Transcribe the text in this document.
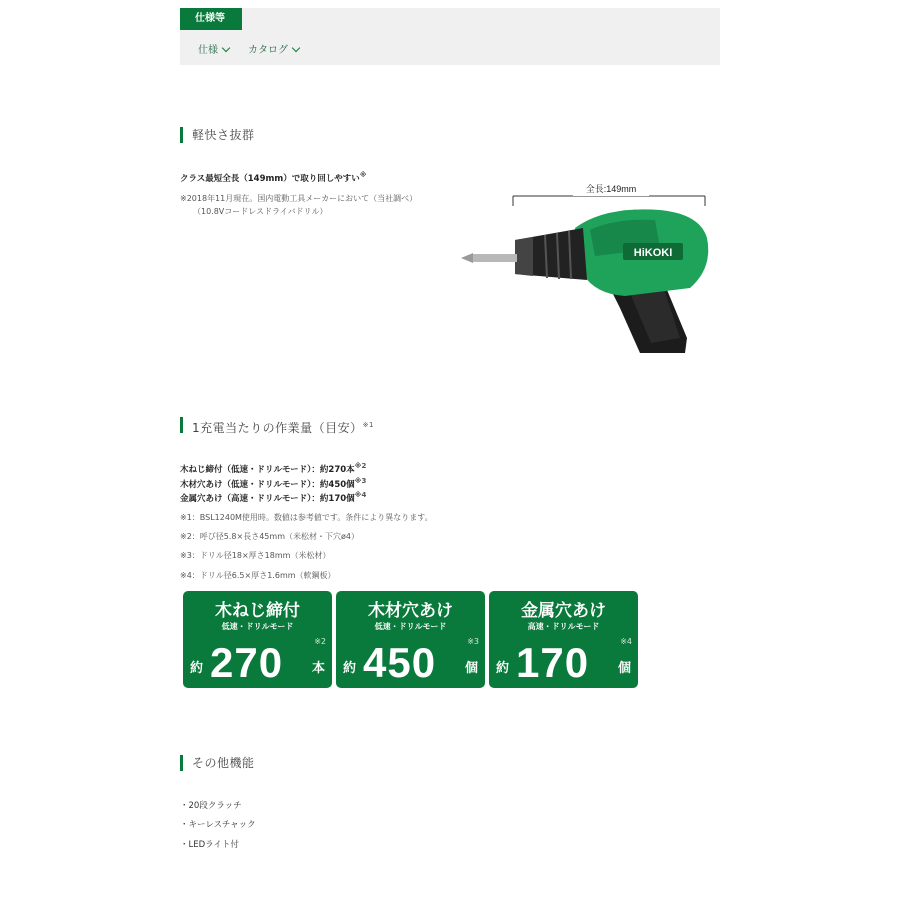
仕様等
仕様	カタログ
軽快さ抜群
クラス最短全長（149mm）で取り回しやすい※
※2018年11月現在。国内電動工具メーカーにおいて（当社調べ）
（10.8Vコードレスドライバドリル）
全長:149mm
HiKOKI
1充電当たりの作業量（目安）$^{※1}$
木ねじ締付（低速・ドリルモード）：約270本$^{※2}$
木材穴あけ（低速・ドリルモード）：約450個$^{※3}$
金属穴あけ（高速・ドリルモード）：約170個$^{※4}$
※1：BSL1240M使用時。数値は参考値です。条件により異なります。
※2：呼び径5.8×長さ45mm（米松材・下穴ø4）
※3：ドリル径18×厚さ18mm（米松材）
※4：ドリル径6.5×厚さ1.6mm（軟鋼板）
木ねじ締付
低速・ドリルモード
約 270	※2
本
木材穴あけ
低速・ドリルモード
約 450	※3
個
金属穴あけ
高速・ドリルモード
約 170	※4
個
その他機能
・20段クラッチ
・キーレスチャック
・LEDライト付
